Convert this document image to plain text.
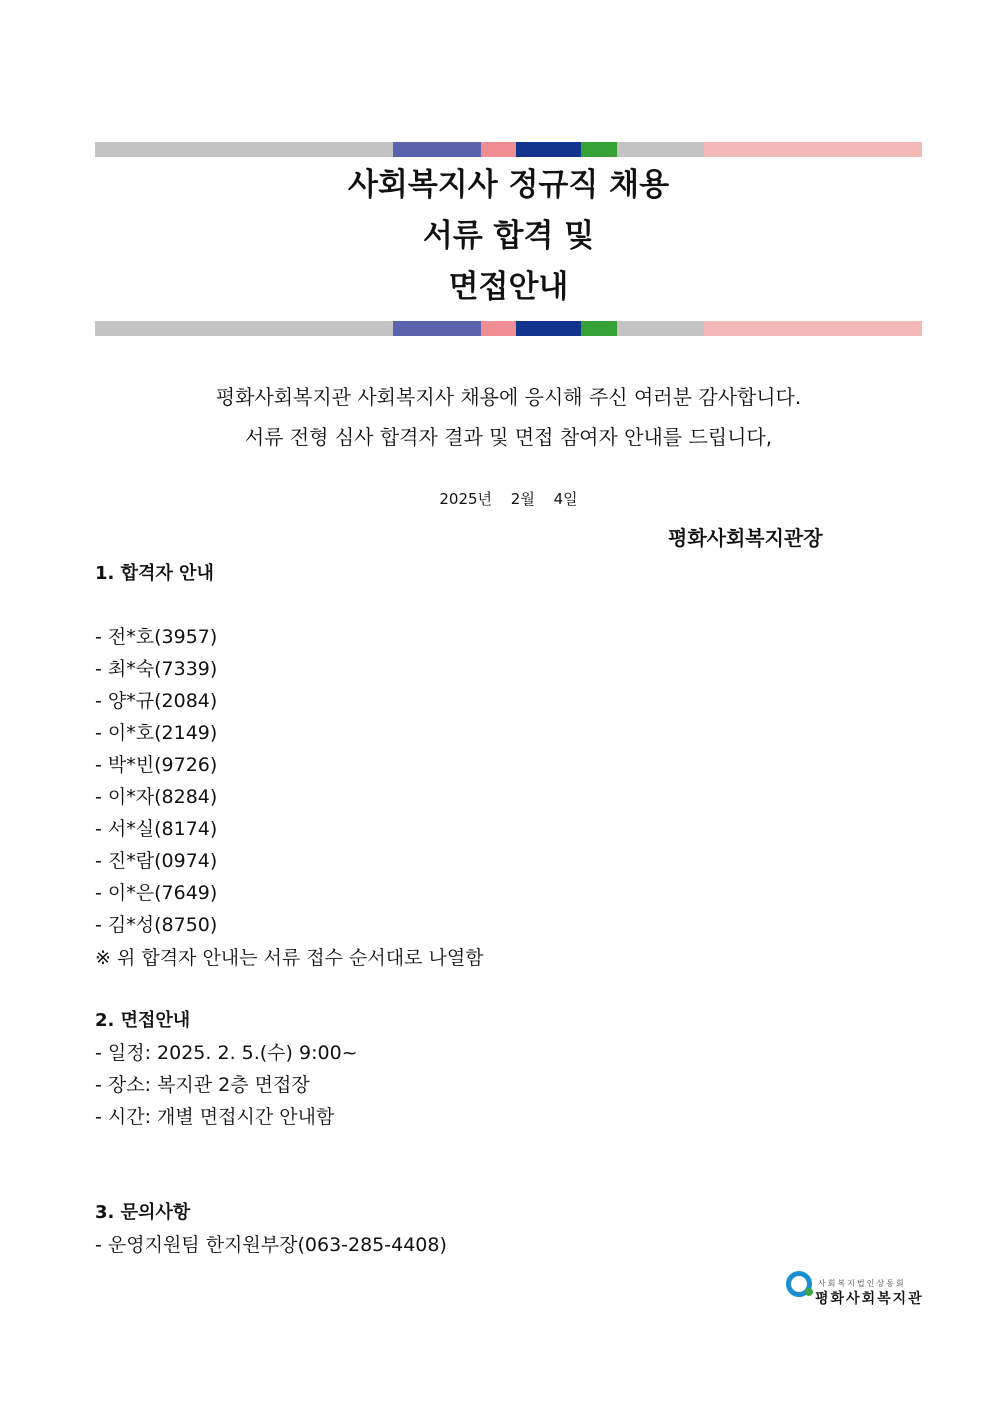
사회복지사 정규직 채용
서류 합격 및
면접안내
평화사회복지관 사회복지사 채용에 응시해 주신 여러분 감사합니다.
서류 전형 심사 합격자 결과 및 면접 참여자 안내를 드립니다,
2025년 2월 4일
평화사회복지관장
1. 합격자 안내
- 전*호(3957)
- 최*숙(7339)
- 양*규(2084)
- 이*호(2149)
- 박*빈(9726)
- 이*자(8284)
- 서*실(8174)
- 진*람(0974)
- 이*은(7649)
- 김*성(8750)
※ 위 합격자 안내는 서류 접수 순서대로 나열함
2. 면접안내
- 일정: 2025. 2. 5.(수) 9:00~
- 장소: 복지관 2층 면접장
- 시간: 개별 면접시간 안내함
3. 문의사항
- 운영지원팀 한지원부장(063-285-4408)
사회복지법인상동회
평화사회복지관
